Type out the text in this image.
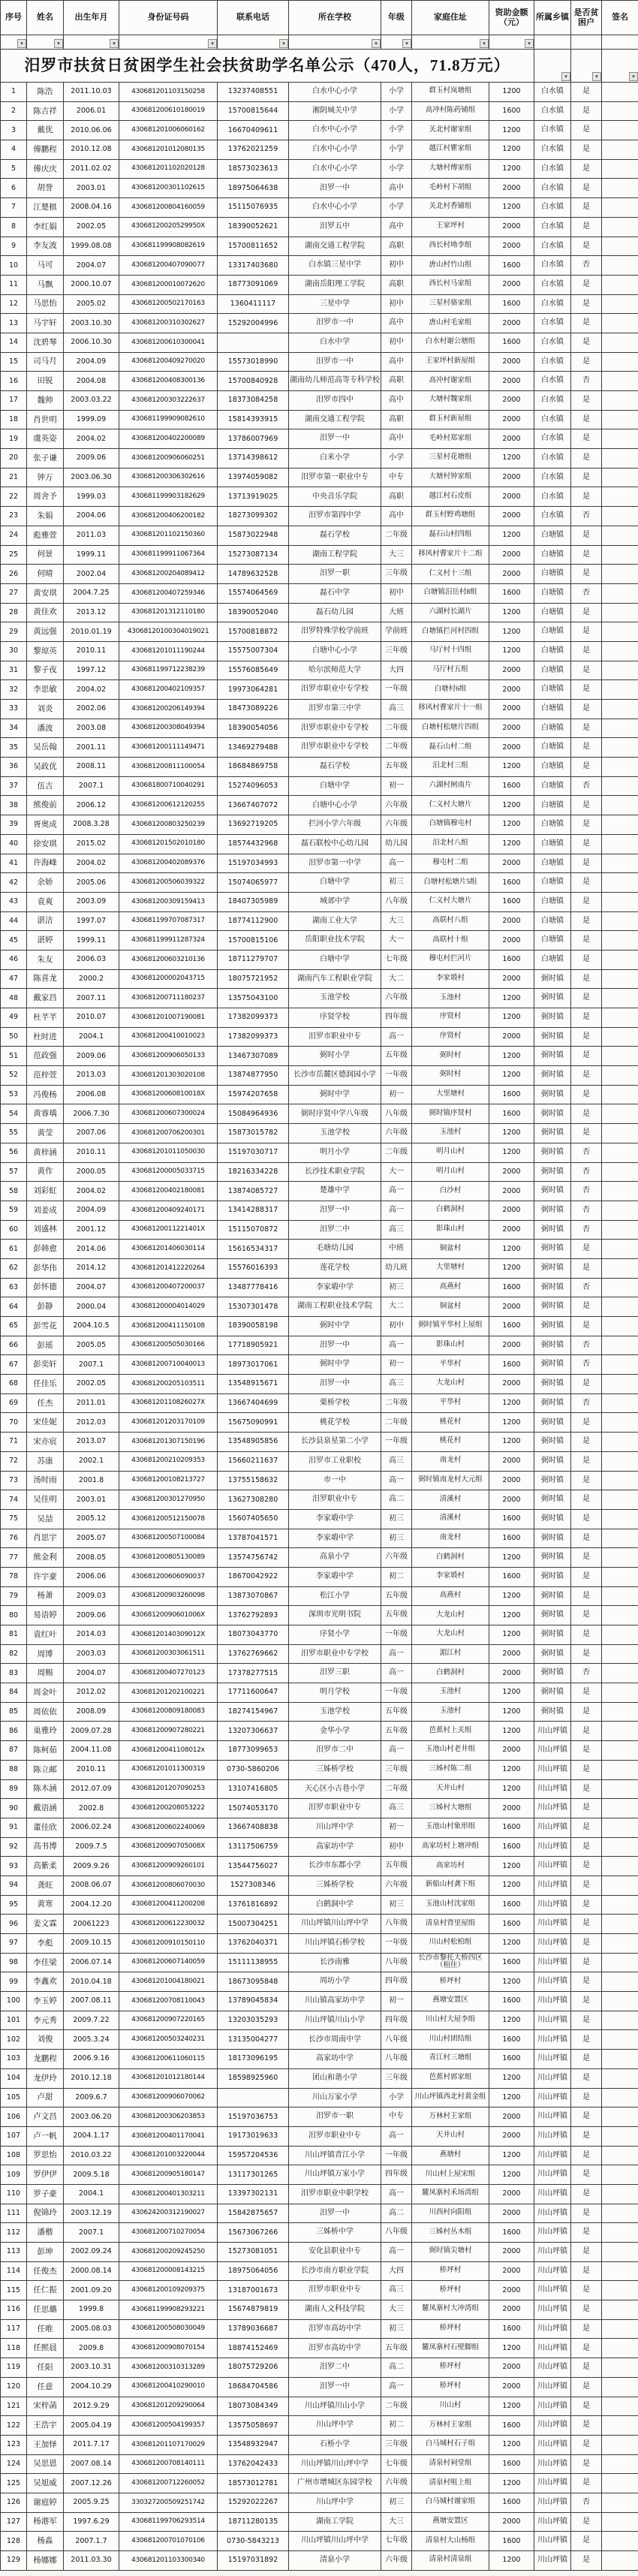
▾	▾	▾	▾	▾	▾	▾	▾	▾			

汨罗市扶贫日贫困学生社会扶贫助学名单公示（470人，71.8万元）									▾	▾	▾

1	陈浩	2011.10.03	430681201103150258	13237408551	白水中心小学	小学	群玉村岚塘组	1200	白水镇	是	
2	陈吉祥	2006.01	430681200610180019	15700815644	湘阴城关中学	小学	高冲村陈药铺组	1600	白水镇	是	
3	戴优	2010.06.06	430681201006060162	16670409611	白水中心小学	小学	关北村谢家组	1200	白水镇	是	
4	傅鹏程	2010.12.08	430681201012080135	13762021259	白水中心小学	小学	越江村瞿家组	1200	白水镇	是	
5	傅庆庆	2011.02.02	430681201102020128	18573023613	白水中心小学	小学	大塘村傅家组	1200	白水镇	是	
6	胡誉	2003.01	430681200301102615	18975064638	汨罗一中	高中	毛岭村下胡组	2000	白水镇	是	
7	江楚棋	2008.04.16	430681200804160059	15115076935	白水中心小学	小学	关北村香铺组	1200	白水镇	是	
8	李红娟	2002.05	43068120020529950X	18390052621	汨罗五中	高中	王家坪村	2000	白水镇	是	
9	李友波	1999.08.08	430681199908082619	15700811652	湖南交通工程学院	高职	西长村坳李组	2000	白水镇	是	
10	马可	2004.07	430681200407090077	13317403680	白水镇三星中学	初中	唐山村竹山组	1600	白水镇	否	
11	马飘	2000.10.07	430681200010072620	18773091069	湖南岳阳理工学院	高职	西长村马家组	2000	白水镇	是	
12	马思怡	2005.02	430681200502170163	1360411117	三星中学	初中	三星村骆家组	1600	白水镇	是	
13	马宇轩	2003.10.30	430681200310302627	15292004996	汨罗市一中	高中	唐山村毛家组	2000	白水镇	是	
14	沈碧琴	2006.10.30	430681200610300041		白水中学	初中	白水村谢公塘组	1600	白水镇	是	
15	司马月	2004.09	430681200409270020	15573018990	汨罗市一中	高中	王家坪村新屋组	2000	白水镇	是	
16	田锐	2004.08	430681200408300136	15700840928	湖南幼儿师范高等专科学校	高职	高冲村谢家组	2000	白水镇	否	
17	魏帅	2003.03.22	430681200303222637	18373084258	汨罗市四中	高中	大塘村魏家组	2000	白水镇	是	
18	肖世明	1999.09	430681199909082610	15814393915	湖南交通工程学院	高职	群玉村新屋组	2000	白水镇	是	
19	虞英姿	2004.02	430681200402200089	13786007969	汨罗一中	高中	毛岭村郑家组	2000	白水镇	是	
20	张子谦	2009.06	430681200906060251	13714398612	白米小学	小学	三星村花塘组	1200	白水镇	是	
21	钟万	2003.06.30	430681200306302616	13974059082	汨罗市第一职业中专	中专	大塘村钟家组	2000	白水镇	是	
22	周舍予	1999.03	430681199903182629	13713919025	中央音乐学院	高职	越江村石皮组	2000	白水镇	是	
23	朱娟	2004.06	430681200406200182	18273099302	汨罗市第四中学	高中	群玉村野鸡塘组	2000	白水镇	否	
24	彪雅萱	2011.03	430681201102150360	15873022948	磊石学校	二年级	磊石山村四组	1200	白塘镇	是	
25	何景	1999.11	430681199911067364	15273087134	湖南工程学院	大三	移风村曹家片十二组	2000	白塘镇	是	
26	何晴	2002.04	430681200204089412	14789632528	汨罗一职	三年级	仁义村十三组	2000	白塘镇	是	
27	黄安琪	2004.7.25	430681200407259346	15574064569	磊石中学	初中	白塘镇汨岳村8组	1600	白塘镇	否	
28	黄佳欢	2013.12	430681201312110180	18390052040	磊石幼儿园	大班	六湖村长湖片	1200	白塘镇	是	
29	黄远强	2010.01.19	43068120100304019021	15700818872	汨罗特殊学校学前班	学前班	白塘镇拦河村四组	1200	白塘镇	是	
30	黎琼英	2010.11	430681201011190244	15575007304	白塘中心小学	三年级	马厅村十四组	1200	白塘镇	是	
31	黎子夜	1997.12	430681199712238239	15576085649	哈尔滨师范大学	大四	马厅村五组	2000	白塘镇	是	
32	李思敏	2004.02	430681200402109357	19973064281	汨罗市职业中专学校	一年级	白塘村6组	2000	白塘镇	是	
33	刘炎	2002.06	430681200206149394	18473089226	汨罗市第三中学	高三	移风村曹家片十一组	2000	白塘镇	是	
34	潘波	2003.08	430681200308049394	18390054056	汨罗市职业中专学校	二年级	白塘村松塘片四组	2000	白塘镇	是	
35	吴岳翰	2001.11	430681200111149471	13469279488	汨罗市职业中专学校	二年级	磊石山村二组	2000	白塘镇	是	
36	吴政优	2008.11	430681200811100054	18684869758	磊石学校	五年级	汨北村三组	1200	白塘镇	是	
37	伍吉	2007.1	430681800710040291	15274096053	白塘中学	初一	六湖村闸南片	1600	白塘镇	否	
38	熊俊前	2006.12	430681200612120255	13667407072	白塘中心小学	六年级	仁义村大塘片	1200	白塘镇	是	
39	胥奥成	2008.3.28	430681200803250239	13692719205	拦河小学六年级	六年级	白塘镇穆屯村	1200	白塘镇	是	
40	徐安琪	2015.02	430681201502010180	18574432968	磊石联校中心幼儿园	幼儿园	汨北村八组	1200	白塘镇	是	
41	许海峰	2004.02	430681200402089376	15197034993	汨罗市第一中学	高一	穆屯村二组	2000	白塘镇	是	
42	余娇	2005.06	430681200506039322	15074065977	白塘中学	初三	白塘村松塘片5组	1600	白塘镇	是	
43	袁爽	2003.09	430681200309159413	18407305989	城郊中学	八年级	仁义村大塘片	1600	白塘镇	是	
44	湛洁	1997.07	430681199707087317	18774112900	湖南工业大学	大三	高联村八组	2000	白塘镇	是	
45	湛婷	1999.11	430681199911287324	15700815106	岳阳职业技术学院	大一	高联村十组	2000	白塘镇	是	
46	朱友	2006.03	430681200603210136	18711279707	白塘中学	七年级	穆屯村拦河片	1600	白塘镇	是	
47	陈喜龙	2000.2	430681200002043715	18075721952	湖南汽车工程职业学院	大二	李家塅村	2000	弼时镇	是	
48	戴家昌	2007.11	430681200711180237	13575043100	玉池学校	六年级	玉池村	1200	弼时镇	是	
49	杜芊芊	2010.07	430681201007190081	17382099373	序贤学校	四年级	序贤村	1200	弼时镇	是	
50	杜时进	2004.1	430681200410010023	17382099373	汨罗市职业中专	高一	序贤村	2000	弼时镇	是	
51	范政强	2009.06	430681200906050133	13467307089	弼时小学	五年级	弼时村	1200	弼时镇	是	
52	范梓萱	2013.03	430681201303020108	13874877950	长沙市岳麓区德润园小学	一年级	弼时村	1200	弼时镇	是	
53	冯俊杨	2006.08	43068120060810018X	15974207658	弼时中学	初一	大里塘村	1600	弼时镇	是	
54	黄睿瑀	2006.7.30	430681200607300024	15084964936	弼时序贤中学八年级	八年级	弼时镇序贤村	1600	弼时镇	是	
55	黄莹	2007.06	430681200706200301	15873015782	玉池学校	六年级	玉池村	1200	弼时镇	是	
56	黄梓涵	2010.11	430681201011050030	15197030717	明月小学	二年级	明月山村	1200	弼时镇	否	
57	黄作	2000.05	430681200005033715	18216334228	长沙技术职业学院	大一	明月山村	2000	弼时镇	否	
58	刘彩虹	2004.02	430681200402180081	13874085727	楚雄中学	高一	白沙村	2000	弼时镇	否	
59	刘姜成	2004.09	430681200409240171	13414288317	汨罗一中	高一	白鹤洞村	2000	弼时镇	否	
60	刘盛林	2001.12	43068120011221401X	15115070872	汨罗二中	高三	影珠山村	2000	弼时镇	否	
61	彭韩愈	2014.06	430681201406030114	15616534317	毛塘幼儿园	中班	铜盆村	1200	弼时镇	是	
62	彭华伟	2014.12	430681201412220264	15576016393	莲花学校	幼儿班	大里塘村	1200	弼时镇	是	
63	彭怀德	2004.07	430681200407200037	13487778416	李家塅中学	初三	高燕村	1600	弼时镇	否	
64	彭静	2000.04	430681200004014029	15307301478	湖南工程职业技术学院	大二	铜盆村	2000	弼时镇	是	
65	彭雪花	2004.10.5	430681200411150108	18390058198	弼时中学	初中	弼时镇平华村上屋组	1600	弼时镇	是	
66	彭瑶	2005.05	430681200505030166	17718905921	汨罗一中	高一	影珠山村	2000	弼时镇	否	
67	彭奕轩	2007.1	430681200710040013	18973017061	弼时中学	初一	平华村	1600	弼时镇	否	
68	任佳乐	2002.05	430681200205103511	13548915671	汨罗一中	高三	大龙山村	2000	弼时镇	是	
69	任杰	2011.01	43068120110826027X	13667404699	栗桥学校	二年级	平华村	1200	弼时镇	否	
70	宋佳妮	2012.03	430681201203170109	15675090991	桃花学校	二年级	桃花村	1200	弼时镇	是	
71	宋亦宸	2013.07	430681201307150196	13548905856	长沙县泉星第二小学	一年级	桃花村	1200	弼时镇	是	
72	苏康	2002.1	430681200210209353	15660211637	汨罗市工业职校	高三	南龙村	2000	弼时镇	是	
73	汤时雨	2001.8	430681200108213727	13755158632	市一中	高一	弼时镇南龙村大元组	2000	弼时镇	是	
74	吴佳明	2003.01	430681200301270950	13627308280	汨罗职业中专	高二	清溪村	2000	弼时镇	是	
75	吴喆	2005.12	430681200512150078	15607405650	李家塅中学	初三	清溪村	1600	弼时镇	是	
76	肖思宇	2005.07	430681200507100084	13787041571	李家塅中学	初三	南龙村	1600	弼时镇	是	
77	熊金利	2008.05	430681200805130089	13574756742	高泉小学	六年级	白鹤洞村	1200	弼时镇	是	
78	许宇豪	2006.06	430681200606090037	18670042922	李家塅中学	初二	李家塅村	1600	弼时镇	是	
79	杨萧	2009.03	430681200903260098	13873070867	松江小学	五年级	高燕村	1200	弼时镇	是	
80	易语婷	2009.06	43068120090601006X	13762792893	深圳市光明书院	五年级	大龙山村	1200	弼时镇	是	
81	袁红叶	2014.03	43068120140309012X	18073043770	序贤小学	一年级	大龙山村	1200	弼时镇	是	
82	周博	2003.03	430681200303061511	13762769662	汨罗市职业中专学校	高一	湄江村	2000	弼时镇	是	
83	周赐	2004.07	430681200407270123	17378277515	汨罗三职	高一	白鹤洞村	2000	弼时镇	否	
84	周金叶	2012.02	430681201202100221	17711600647	明月学校	一年级	玉池村	1200	弼时镇	是	
85	周依依	2008.09	430681200809180083	18274154967	玉池学校	五年级	玉池村	1200	弼时镇	是	
86	巢雅玲	2009.07.28	430681200907280221	13207306637	金华小学	五年级	芭蕉村上关组	1200	川山坪镇	是	
87	陈柯茹	2004.11.08	43068120041108012x	18773099653	汨罗市二中	高一	玉池山村老井组	2000	川山坪镇	是	
88	陈立邮	2010.11	430681201011300319	0730-5860206	三姊桥学校	三年级	三姊村陈二组	1200	川山坪镇	是	
89	陈木涵	2012.07.09	430681201207090253	13107416805	天心区小古巷小学	二年级	天井山村	1200	川山坪镇	是	
90	戴语涵	2002.8	430681200208053222	15074053170	汨罗市职业中专	高三	三姊村大塘组	2000	川山坪镇	是	
91	董佳欣	2006.02.24	430681200602240069	13667408838	川山坪中学	初一	玉池山村象形组	1600	川山坪镇	是	
92	高书博	2009.7.5	43068120090705008X	13117506759	高家坊中学	初中	高家坊村上塘冲组	1600	川山坪镇	是	
93	高紫柔	2009.9.26	430681200909260101	13544756027	长沙市东郡小学	五年级	高家坊村	1200	川山坪镇	是	
94	龚旺	2008.06.07	430681200806070030	1527308346	三姊桥学校	六年级	新船山村龚下组	1200	川山坪镇	是	
95	黄寒	2004.12.20	430681200411200208	13761816892	白鹤洞中学	初三	玉池山村沈家组	1600	川山坪镇	是	
96	姜文霖	20061223	430681200612230032	15007304251	川山坪镇川山坪中学	八年级	清泉村背里屋组	1600	川山坪镇	是	
97	李彪	2009.10.15	430681200910150110	13762040371	川山坪镇石桥学校	一年级	川山村松柏组	1200	川山坪镇	是	
98	李佳梁	2006.07.14	430681200607140059	15111138955	长沙南雅	八年级	长沙市黎托大桥四区（租住）	1600	川山坪镇	是	
99	李鑫欢	2010.04.18	430681201004180021	18673095848	周坊小学	四年级	桥坪村	1200	川山坪镇	是	
100	李玉婷	2007.08.11	430681200708110043	13789045834	川山镇高家坊中学	初一	燕塘安置区	1600	川山坪镇	是	
101	李元秀	2009.7.22	430681200907220165	13203035293	川山坪镇川山小学	四年级	川山村大屋李组	1200	川山坪镇	是	
102	刘俊	2005.3.24	430681200503240231	13135004277	长沙市周南中学	八年级	川山村团结组	1600	川山坪镇	是	
103	龙鹏程	2006.9.16	430681200611060115	18173096195	高家坊中学	八年级	青江村三塘组	1600	川山坪镇	是	
104	龙伊玲	2010.12.18	430681201012180144	18598925960	团山和谐小学	三年级	芭蕉村郭家组	1200	川山坪镇	是	
105	卢甜	2009.6.7	430681200906070062		川山万家小学	小学	川山坪镇西北村黄金组	1200	川山坪镇	是	
106	卢文昌	2003.06.20	430681200306203853	15197036753	汨罗市一职	中专	万林村王家组	2000	川山坪镇	是	
107	卢一帆	2004.1.17	430681200401170041	19173019633	汨罗市职业中专	高一	天井山村	2000	川山坪镇	是	
108	罗思怡	2010.03.22	430681201003220044	15957204536	川山坪镇青江小学	一年级	燕塘村	1200	川山坪镇	是	
109	罗伊伊	2009.5.18	430681200905180147	13117301265	川山坪镇万家小学	四年级	川山村上屋宋组	1200	川山坪镇	是	
110	罗子豪	2004.1	430681200401303211	13397302131	汨罗市职业中职学校	高一	麓凤寨村禾场湾组	2000	川山坪镇	是	
111	倪锦玲	2003.12.19	430624200312190027	15842875657	汨罗一中	高二	川西村向阳组	2000	川山坪镇	是	
112	潘楷	2007.1	430681200710270054	15673067266	三姊桥中学	八年级	三姊村丛木组	1600	川山坪镇	是	
113	彭坤	2002.09.24	430681200209245250	15273081051	安化县职业中专	高一	弼时镇尖塘村	2000	川山坪镇	是	
114	任俊杰	2000.08.14	430681200008143215	18975064056	长沙市南方职业学院	大四	桥坪村	2000	川山坪镇	是	
115	任仁振	2001.09.20	430681200109209375	13187001673	汨罗市职业中专	高三	桥坪村	2000	川山坪镇	是	
116	任思璐	1999.8	430681199908293221	15674879819	湖南人文科技学院	大三	麓凤寨村大冲湾组	2000	川山坪镇	是	
117	任唯	2005.08.03	430681200508030049	13789036687	汨罗市高坊中学	初三	桥坪村	1600	川山坪镇	是	
118	任熙晨	2009.8	430681200908070154	18874152469	汨罗市高坊中学	五年级	麓凤寨村石壁脚组	1200	川山坪镇	是	
119	任阳	2003.10.31	430681200310313289	18075729206	汨罗二中	高二	桥坪村	2000	川山坪镇	是	
120	任意	2004.10.29	430681200410290010	18684704586	汨罗一中	高一	桥坪村	2000	川山坪镇	是	
121	宋梓菡	2012.9.29	430681201209290064	18073084349	川山坪镇川山小学	二年级	川山村	1200	川山坪镇	是	
122	王浩宇	2005.04.19	430681200504199357	13575058697	川山坪中学	初二	万林村王家组	1600	川山坪镇	是	
123	王加怿	2011.7.17	430681201107170029	13548932947	石桥小学	三年级	白马城村石子组	1200	川山坪镇	是	
124	吴思恩	2007.08.14	430681200708140111	13762042433	川山坪镇川山坪中学	七年级	清泉村祠堂组	1600	川山坪镇	是	
125	吴旭威	2007.12.26	430681200712260052	18573012781	广州市增城区东园学校	六年级	清泉村咀上组	1200	川山坪镇	是	
126	谢庭婷	2005.9.25	330327200509251742	15292022267	川山坪中学	初三	白马城村谢家组	1600	川山坪镇	否	
127	杨港军	1997.6.29	430681199706293514	18711280135	湖南工学院	大三	燕塘安置区	2000	川山坪镇	是	
128	杨淼	2007.1.7	430681200701070106	0730-5843213	川山坪镇川山坪中学	七年级	清泉村大山杨组	1600	川山坪镇	是	
129	杨娜娜	2011.03.30	430681201103300340	15197031892	清泉小学	六年级	清泉村清泉组	1200	川山坪镇	是	
序号	姓名	出生年月	身份证号码	联系电话	所在学校	年级	家庭住址	资助金额（元）	所属乡镇	是否贫困户	签名
